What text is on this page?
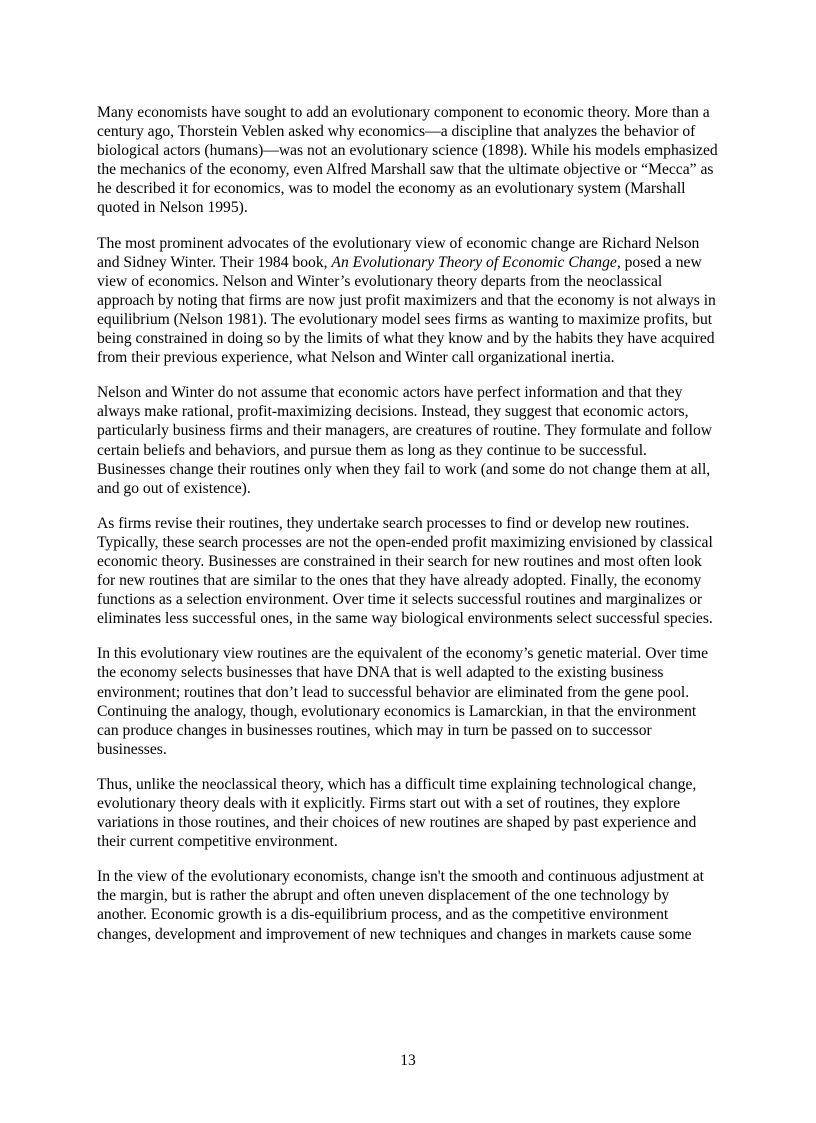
Many economists have sought to add an evolutionary component to economic theory. More than a century ago, Thorstein Veblen asked why economics—a discipline that analyzes the behavior of biological actors (humans)—was not an evolutionary science (1898). While his models emphasized the mechanics of the economy, even Alfred Marshall saw that the ultimate objective or “Mecca” as he described it for economics, was to model the economy as an evolutionary system (Marshall quoted in Nelson 1995).

The most prominent advocates of the evolutionary view of economic change are Richard Nelson and Sidney Winter. Their 1984 book, An Evolutionary Theory of Economic Change, posed a new view of economics. Nelson and Winter’s evolutionary theory departs from the neoclassical approach by noting that firms are now just profit maximizers and that the economy is not always in equilibrium (Nelson 1981). The evolutionary model sees firms as wanting to maximize profits, but being constrained in doing so by the limits of what they know and by the habits they have acquired from their previous experience, what Nelson and Winter call organizational inertia.

Nelson and Winter do not assume that economic actors have perfect information and that they always make rational, profit-maximizing decisions. Instead, they suggest that economic actors, particularly business firms and their managers, are creatures of routine. They formulate and follow certain beliefs and behaviors, and pursue them as long as they continue to be successful. Businesses change their routines only when they fail to work (and some do not change them at all, and go out of existence).

As firms revise their routines, they undertake search processes to find or develop new routines. Typically, these search processes are not the open-ended profit maximizing envisioned by classical economic theory. Businesses are constrained in their search for new routines and most often look for new routines that are similar to the ones that they have already adopted. Finally, the economy functions as a selection environment. Over time it selects successful routines and marginalizes or eliminates less successful ones, in the same way biological environments select successful species.

In this evolutionary view routines are the equivalent of the economy’s genetic material. Over time the economy selects businesses that have DNA that is well adapted to the existing business environment; routines that don’t lead to successful behavior are eliminated from the gene pool. Continuing the analogy, though, evolutionary economics is Lamarckian, in that the environment can produce changes in businesses routines, which may in turn be passed on to successor businesses.

Thus, unlike the neoclassical theory, which has a difficult time explaining technological change, evolutionary theory deals with it explicitly. Firms start out with a set of routines, they explore variations in those routines, and their choices of new routines are shaped by past experience and their current competitive environment.

In the view of the evolutionary economists, change isn't the smooth and continuous adjustment at the margin, but is rather the abrupt and often uneven displacement of the one technology by another. Economic growth is a dis-equilibrium process, and as the competitive environment changes, development and improvement of new techniques and changes in markets cause some

13
